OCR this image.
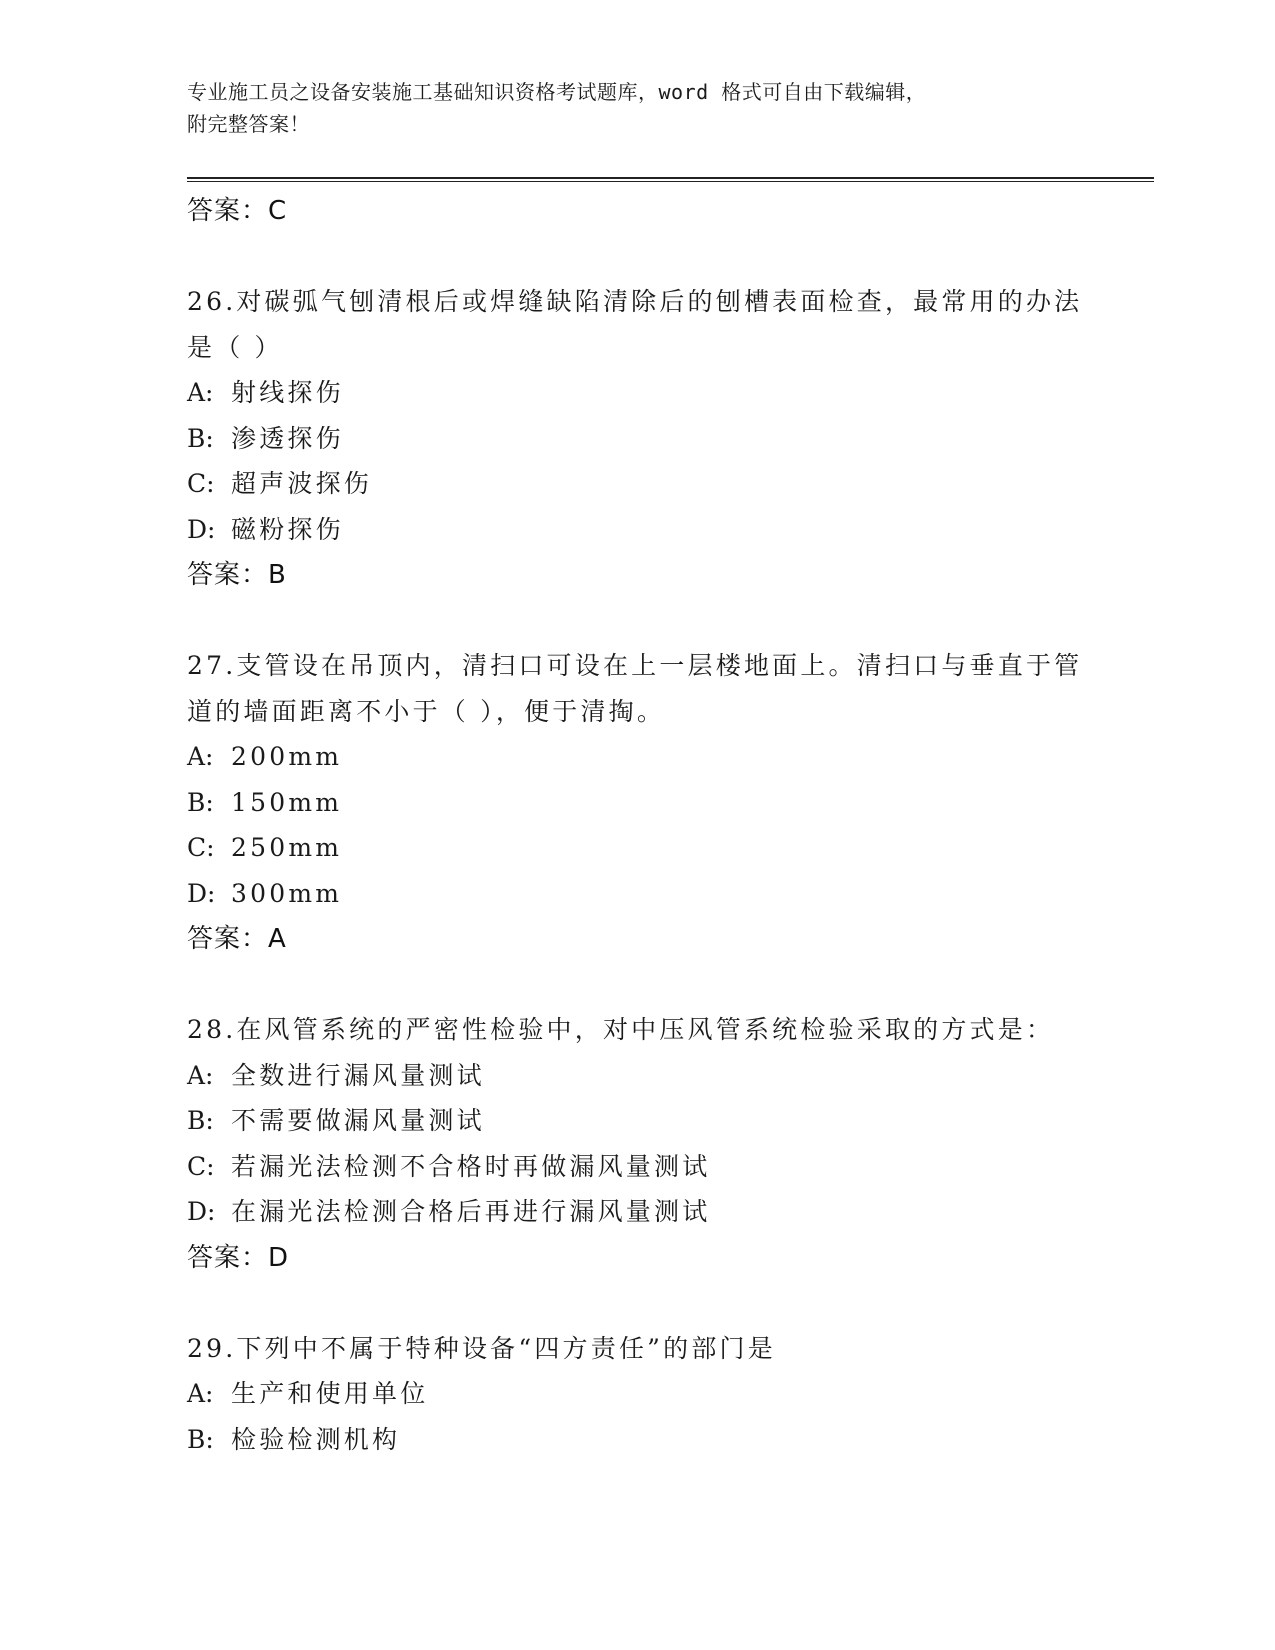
专业施工员之设备安装施工基础知识资格考试题库，word 格式可自由下载编辑，
附完整答案！
答案：C
26.对碳弧气刨清根后或焊缝缺陷清除后的刨槽表面检查，最常用的办法是（ ）
A: 射线探伤
B: 渗透探伤
C: 超声波探伤
D: 磁粉探伤
答案：B
27.支管设在吊顶内，清扫口可设在上一层楼地面上。清扫口与垂直于管道的墙面距离不小于（ ），便于清掏。
A: 200mm
B: 150mm
C: 250mm
D: 300mm
答案：A
28.在风管系统的严密性检验中，对中压风管系统检验采取的方式是：
A: 全数进行漏风量测试
B: 不需要做漏风量测试
C: 若漏光法检测不合格时再做漏风量测试
D: 在漏光法检测合格后再进行漏风量测试
答案：D
29.下列中不属于特种设备“四方责任”的部门是
A: 生产和使用单位
B: 检验检测机构
